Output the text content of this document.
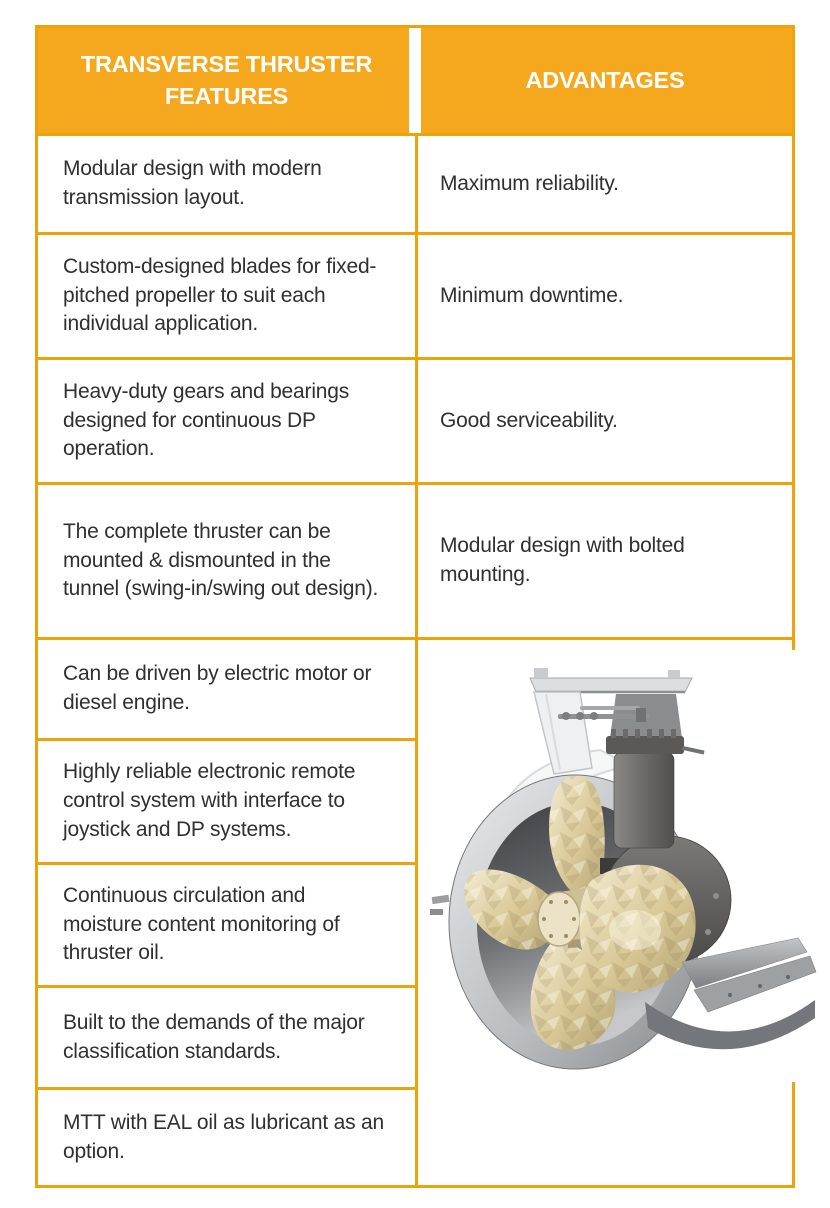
TRANSVERSE THRUSTER FEATURES
ADVANTAGES
Modular design with modern transmission layout.
Custom-designed blades for fixed-pitched propeller to suit each individual application.
Heavy-duty gears and bearings designed for continuous DP operation.
The complete thruster can be mounted & dismounted in the tunnel (swing-in/swing out design).
Can be driven by electric motor or diesel engine.
Highly reliable electronic remote control system with interface to joystick and DP systems.
Continuous circulation and moisture content monitoring of thruster oil.
Built to the demands of the major classification standards.
MTT with EAL oil as lubricant as an option.
Maximum reliability.
Minimum downtime.
Good serviceability.
Modular design with bolted mounting.
